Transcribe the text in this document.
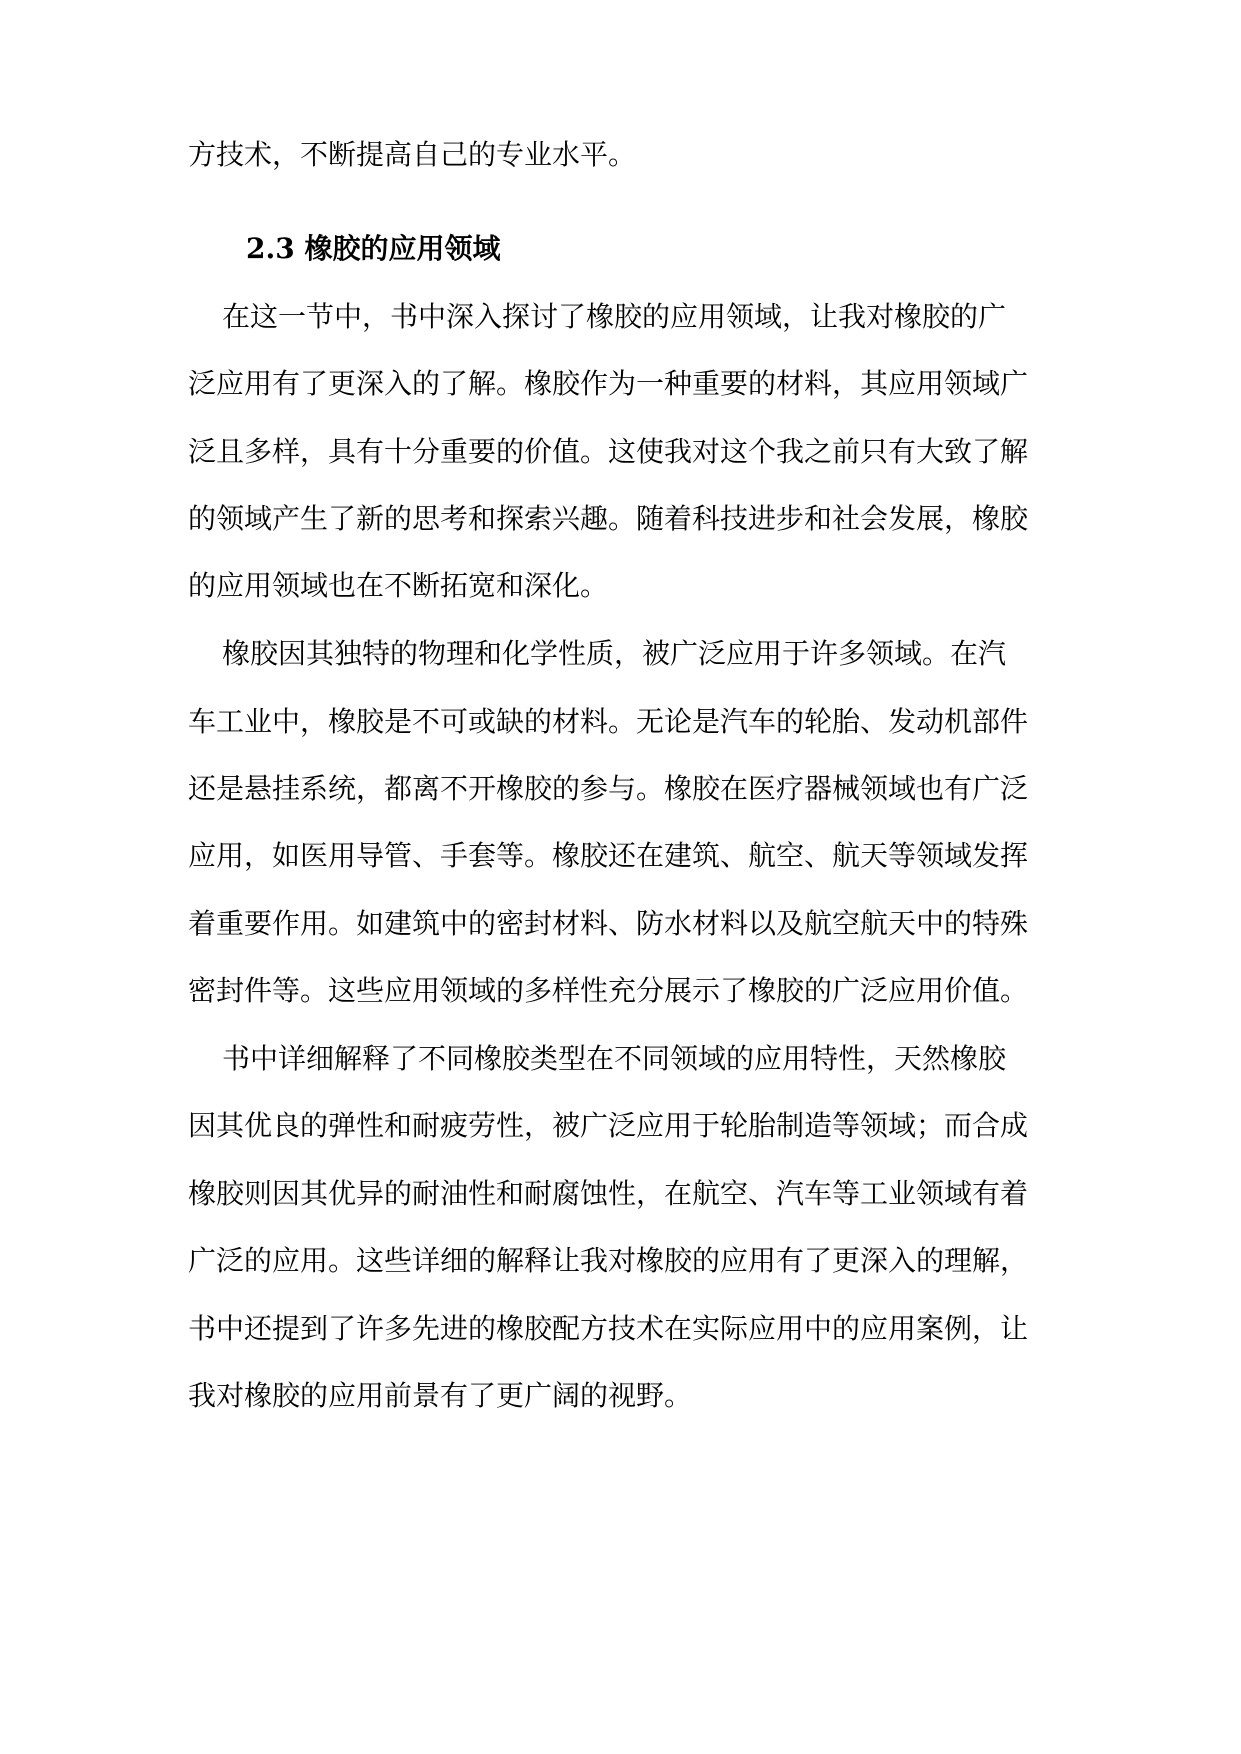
方技术，不断提高自己的专业水平。
2.3 橡胶的应用领域
在这一节中，书中深入探讨了橡胶的应用领域，让我对橡胶的广
泛应用有了更深入的了解。橡胶作为一种重要的材料，其应用领域广
泛且多样，具有十分重要的价值。这使我对这个我之前只有大致了解
的领域产生了新的思考和探索兴趣。随着科技进步和社会发展，橡胶
的应用领域也在不断拓宽和深化。
橡胶因其独特的物理和化学性质，被广泛应用于许多领域。在汽
车工业中，橡胶是不可或缺的材料。无论是汽车的轮胎、发动机部件
还是悬挂系统，都离不开橡胶的参与。橡胶在医疗器械领域也有广泛
应用，如医用导管、手套等。橡胶还在建筑、航空、航天等领域发挥
着重要作用。如建筑中的密封材料、防水材料以及航空航天中的特殊
密封件等。这些应用领域的多样性充分展示了橡胶的广泛应用价值。
书中详细解释了不同橡胶类型在不同领域的应用特性，天然橡胶
因其优良的弹性和耐疲劳性，被广泛应用于轮胎制造等领域；而合成
橡胶则因其优异的耐油性和耐腐蚀性，在航空、汽车等工业领域有着
广泛的应用。这些详细的解释让我对橡胶的应用有了更深入的理解，
书中还提到了许多先进的橡胶配方技术在实际应用中的应用案例，让
我对橡胶的应用前景有了更广阔的视野。
